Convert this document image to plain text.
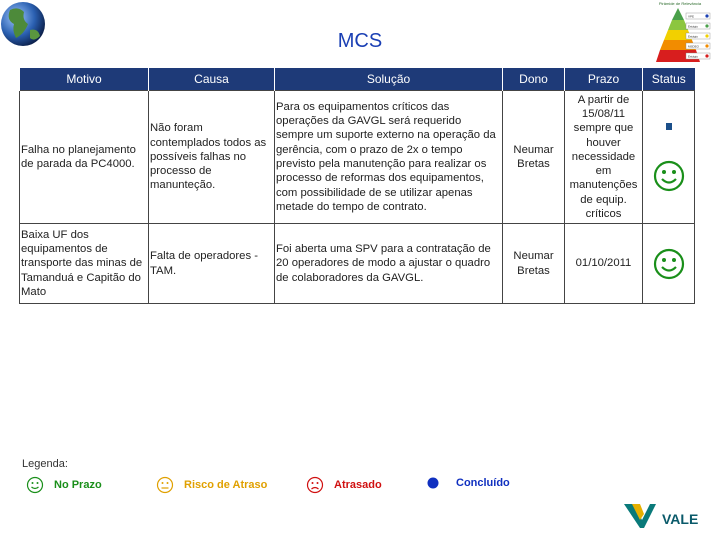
Pirâmide de Relevância
VPE
Estágio
Estágio
MSDEO
Estágio
MCS
Motivo	Causa	Solução	Dono	Prazo	Status
Falha no planejamento de parada da PC4000.	Não foram contemplados todos as possíveis falhas no processo de manunteção.	Para os equipamentos críticos das operações da GAVGL será requerido sempre um suporte externo na operação da gerência, com o prazo de 2x o tempo previsto pela manutenção para realizar os processo de reformas dos equipamentos, com possibilidade de se utilizar apenas metade do tempo de contrato.	Neumar Bretas	A partir de 15/08/11 sempre que houver necessidade em manutenções de equip. críticos	

Baixa UF dos equipamentos de transporte das minas de Tamanduá e Capitão do Mato	Falta de operadores - TAM.	Foi aberta uma SPV para a contratação de 20 operadores de modo a ajustar o quadro de colaboradores da GAVGL.	Neumar Bretas	01/10/2011	
Legenda:
No Prazo	Risco de Atraso	Atrasado	Concluído
VALE
